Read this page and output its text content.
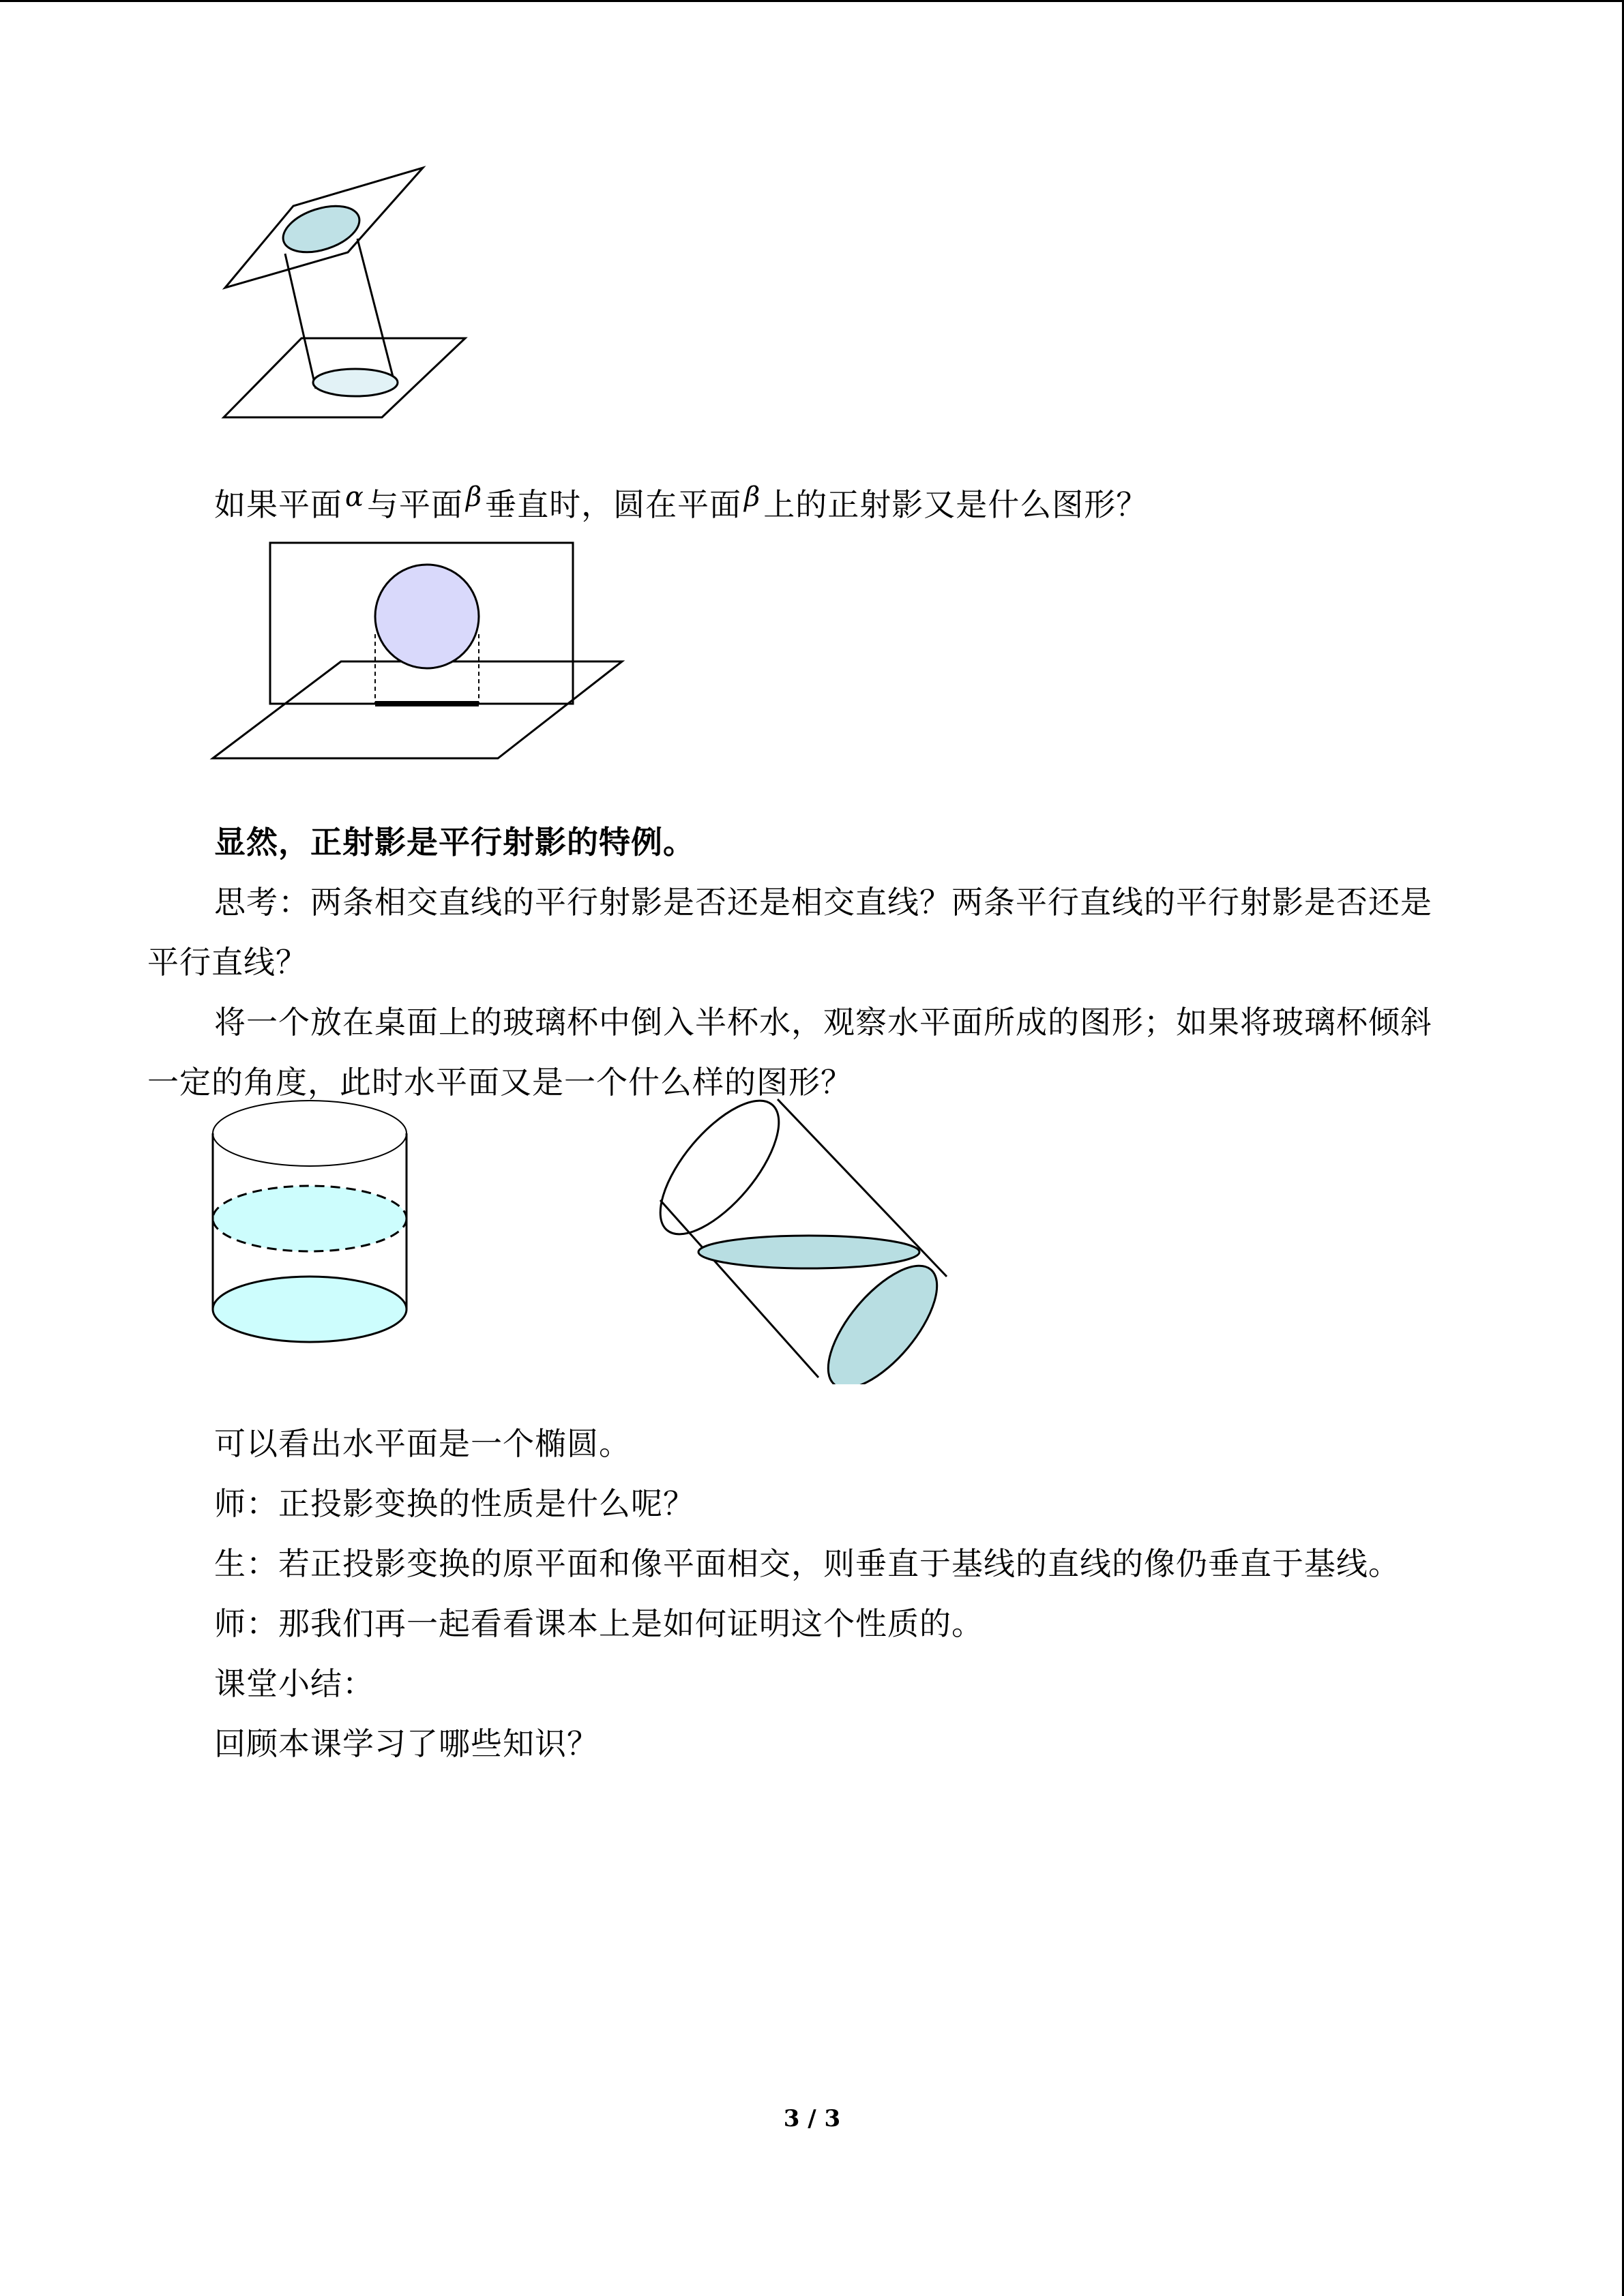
如果平面 α与平面 β垂直时，圆在平面 β上的正射影又是什么图形？
显然，正射影是平行射影的特例。
思考：两条相交直线的平行射影是否还是相交直线？两条平行直线的平行射影是否还是
平行直线？
将一个放在桌面上的玻璃杯中倒入半杯水，观察水平面所成的图形；如果将玻璃杯倾斜
一定的角度，此时水平面又是一个什么样的图形？
可以看出水平面是一个椭圆。
师：正投影变换的性质是什么呢？
生：若正投影变换的原平面和像平面相交，则垂直于基线的直线的像仍垂直于基线。
师：那我们再一起看看课本上是如何证明这个性质的。
课堂小结：
回顾本课学习了哪些知识？
3 / 3
